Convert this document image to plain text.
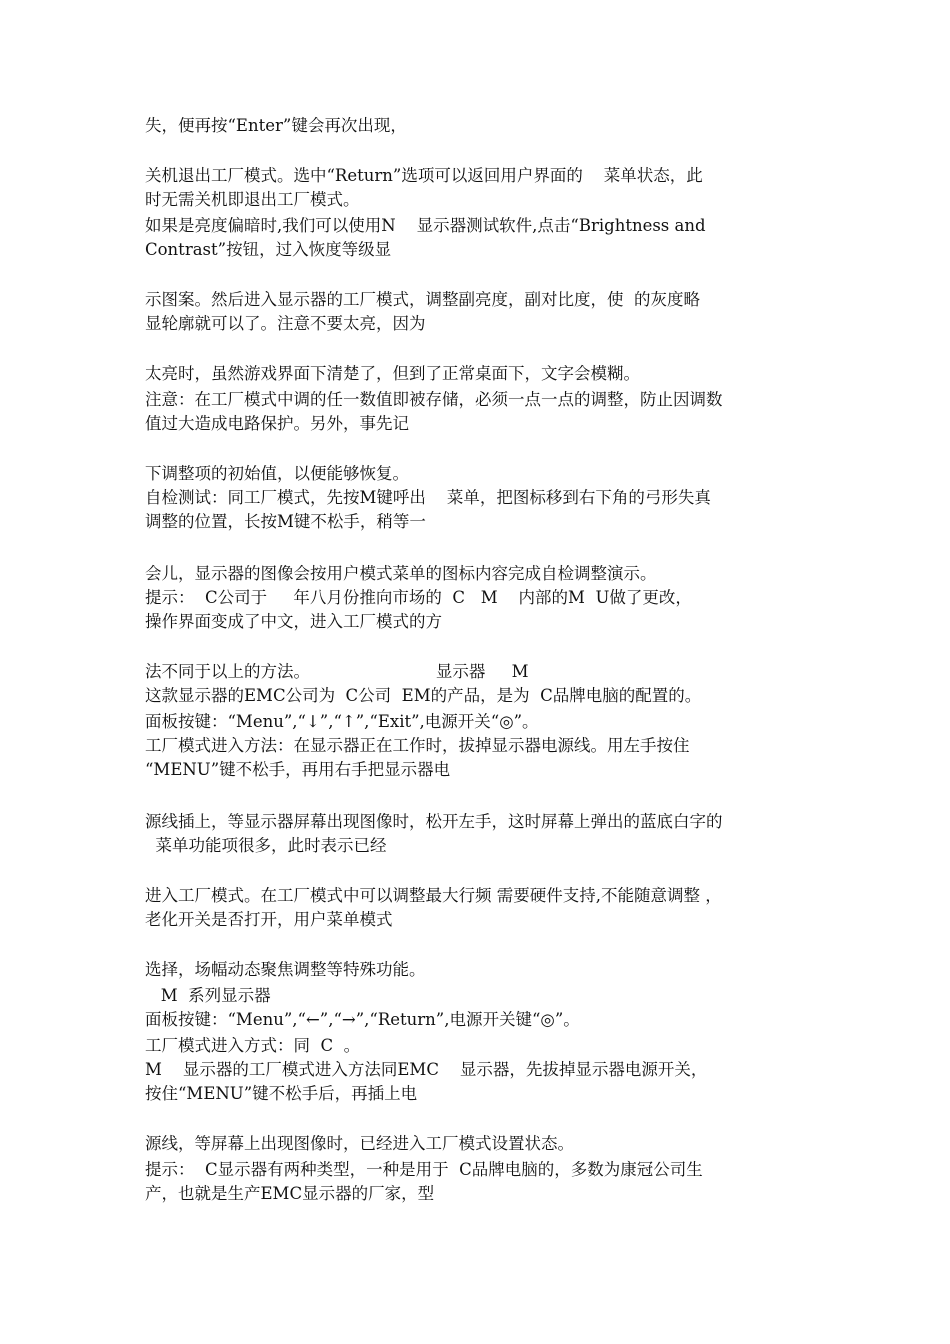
失，便再按“Enter”键会再次出现，
关机退出工厂模式。选中“Return”选项可以返回用户界面的    菜单状态，此
时无需关机即退出工厂模式。
如果是亮度偏暗时,我们可以使用N    显示器测试软件,点击“Brightness and
Contrast”按钮，过入恢度等级显
示图案。然后进入显示器的工厂模式，调整副亮度，副对比度，使  的灰度略
显轮廓就可以了。注意不要太亮，因为
太亮时，虽然游戏界面下清楚了，但到了正常桌面下，文字会模糊。
注意：在工厂模式中调的任一数值即被存储，必须一点一点的调整，防止因调数
值过大造成电路保护。另外，事先记
下调整项的初始值，以便能够恢复。
自检测试：同工厂模式，先按M键呼出    菜单，把图标移到右下角的弓形失真
调整的位置，长按M键不松手，稍等一
会儿，显示器的图像会按用户模式菜单的图标内容完成自检调整演示。
提示：  C公司于     年八月份推向市场的  C   M    内部的M  U做了更改，
操作界面变成了中文，进入工厂模式的方
法不同于以上的方法。                        显示器     M
这款显示器的EMC公司为  C公司  EM的产品，是为  C品牌电脑的配置的。
面板按键：“Menu”,“↓”,“↑”,“Exit”,电源开关“◎”。
工厂模式进入方法：在显示器正在工作时，拔掉显示器电源线。用左手按住
“MENU”键不松手，再用右手把显示器电
源线插上，等显示器屏幕出现图像时，松开左手，这时屏幕上弹出的蓝底白字的
菜单功能项很多，此时表示已经
进入工厂模式。在工厂模式中可以调整最大行频 需要硬件支持,不能随意调整 ，
老化开关是否打开，用户菜单模式
选择，场幅动态聚焦调整等特殊功能。
M  系列显示器
面板按键：“Menu”,“←”,“→”,“Return”,电源开关键“◎”。
工厂模式进入方式：同  C  。
M    显示器的工厂模式进入方法同EMC    显示器，先拔掉显示器电源开关，
按住“MENU”键不松手后，再插上电
源线，等屏幕上出现图像时，已经进入工厂模式设置状态。
提示：  C显示器有两种类型，一种是用于  C品牌电脑的，多数为康冠公司生
产，也就是生产EMC显示器的厂家，型
